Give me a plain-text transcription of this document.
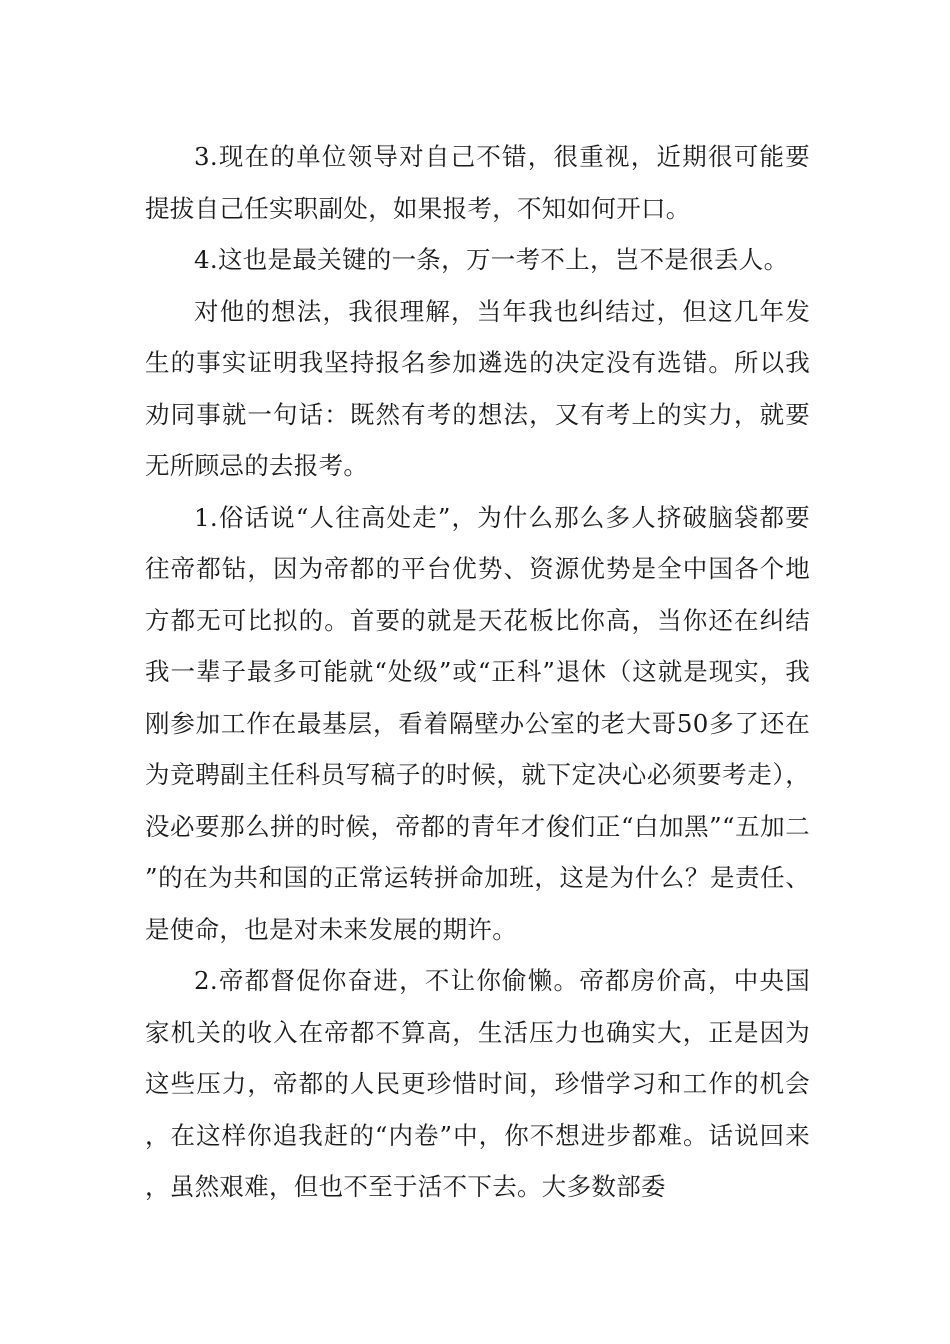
3.现在的单位领导对自己不错，很重视，近期很可能要提拔自己任实职副处，如果报考，不知如何开口。

4.这也是最关键的一条，万一考不上，岂不是很丢人。

对他的想法，我很理解，当年我也纠结过，但这几年发生的事实证明我坚持报名参加遴选的决定没有选错。所以我劝同事就一句话：既然有考的想法，又有考上的实力，就要无所顾忌的去报考。

1.俗话说“人往高处走”，为什么那么多人挤破脑袋都要往帝都钻，因为帝都的平台优势、资源优势是全中国各个地方都无可比拟的。首要的就是天花板比你高，当你还在纠结我一辈子最多可能就“处级”或“正科”退休（这就是现实，我刚参加工作在最基层，看着隔壁办公室的老大哥50多了还在为竞聘副主任科员写稿子的时候，就下定决心必须要考走），没必要那么拼的时候，帝都的青年才俊们正“白加黑”“五加二”的在为共和国的正常运转拼命加班，这是为什么？是责任、是使命，也是对未来发展的期许。

2.帝都督促你奋进，不让你偷懒。帝都房价高，中央国家机关的收入在帝都不算高，生活压力也确实大，正是因为这些压力，帝都的人民更珍惜时间，珍惜学习和工作的机会，在这样你追我赶的“内卷”中，你不想进步都难。话说回来，虽然艰难，但也不至于活不下去。大多数部委
